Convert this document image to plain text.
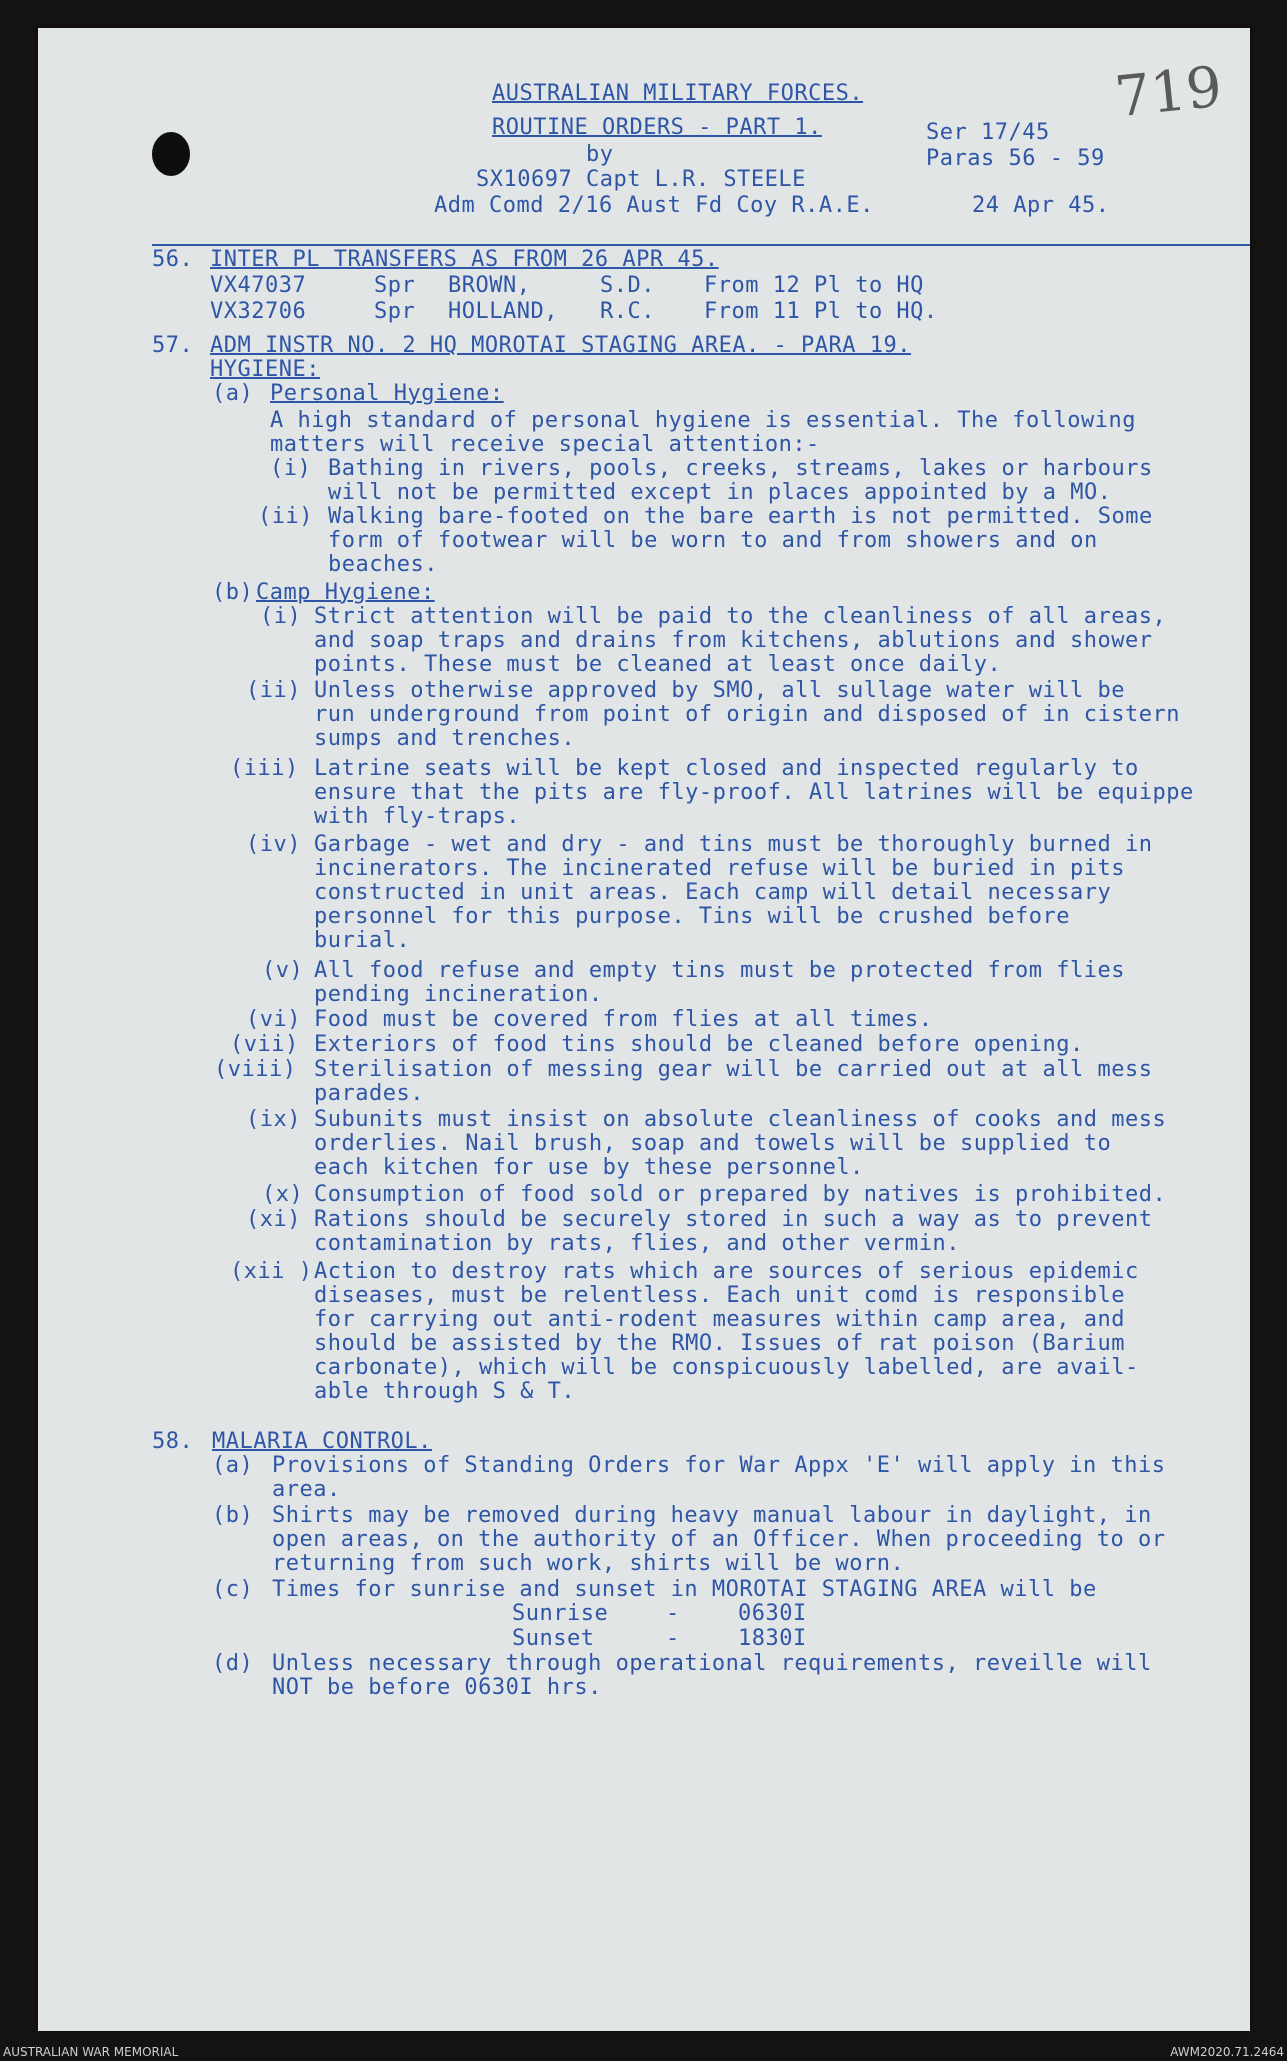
719

AUSTRALIAN MILITARY FORCES.

ROUTINE ORDERS - PART 1.	Ser 17/45

by	Paras 56 - 59

SX10697 Capt L.R. STEELE

Adm Comd 2/16 Aust Fd Coy R.A.E.	24 Apr 45.

56. INTER PL TRANSFERS AS FROM 26 APR 45.

VX47037	Spr BROWN,	S.D. From 12 Pl to HQ

VX32706	Spr HOLLAND, R.C. From 11 Pl to HQ.

57. ADM INSTR NO. 2 HQ MOROTAI STAGING AREA. - PARA 19.

HYGIENE:

(a) Personal Hygiene:

A high standard of personal hygiene is essential. The following

matters will receive special attention:-

(i) Bathing in rivers, pools, creeks, streams, lakes or harbours

will not be permitted except in places appointed by a MO.

(ii) Walking bare-footed on the bare earth is not permitted. Some

form of footwear will be worn to and from showers and on

beaches.

(b) Camp Hygiene:

(i) Strict attention will be paid to the cleanliness of all areas,

and soap traps and drains from kitchens, ablutions and shower

points. These must be cleaned at least once daily.

(ii) Unless otherwise approved by SMO, all sullage water will be

run underground from point of origin and disposed of in cistern

sumps and trenches.

(iii) Latrine seats will be kept closed and inspected regularly to

ensure that the pits are fly-proof. All latrines will be equippe

with fly-traps.

(iv) Garbage - wet and dry - and tins must be thoroughly burned in

incinerators. The incinerated refuse will be buried in pits

constructed in unit areas. Each camp will detail necessary

personnel for this purpose. Tins will be crushed before

burial.

(v) All food refuse and empty tins must be protected from flies

pending incineration.

(vi) Food must be covered from flies at all times.

(vii) Exteriors of food tins should be cleaned before opening.

(viii) Sterilisation of messing gear will be carried out at all mess

parades.

(ix) Subunits must insist on absolute cleanliness of cooks and mess

orderlies. Nail brush, soap and towels will be supplied to

each kitchen for use by these personnel.

(x) Consumption of food sold or prepared by natives is prohibited.

(xi) Rations should be securely stored in such a way as to prevent

contamination by rats, flies, and other vermin.

(xii ) Action to destroy rats which are sources of serious epidemic

diseases, must be relentless. Each unit comd is responsible

for carrying out anti-rodent measures within camp area, and

should be assisted by the RMO. Issues of rat poison (Barium

carbonate), which will be conspicuously labelled, are avail-

able through S & T.

58. MALARIA CONTROL.

(a) Provisions of Standing Orders for War Appx 'E' will apply in this

area.

(b) Shirts may be removed during heavy manual labour in daylight, in

open areas, on the authority of an Officer. When proceeding to or

returning from such work, shirts will be worn.

(c) Times for sunrise and sunset in MOROTAI STAGING AREA will be

Sunrise	-	0630I

Sunset	-	1830I

(d) Unless necessary through operational requirements, reveille will

NOT be before 0630I hrs.

AUSTRALIAN WAR MEMORIAL	AWM2020.71.2464
